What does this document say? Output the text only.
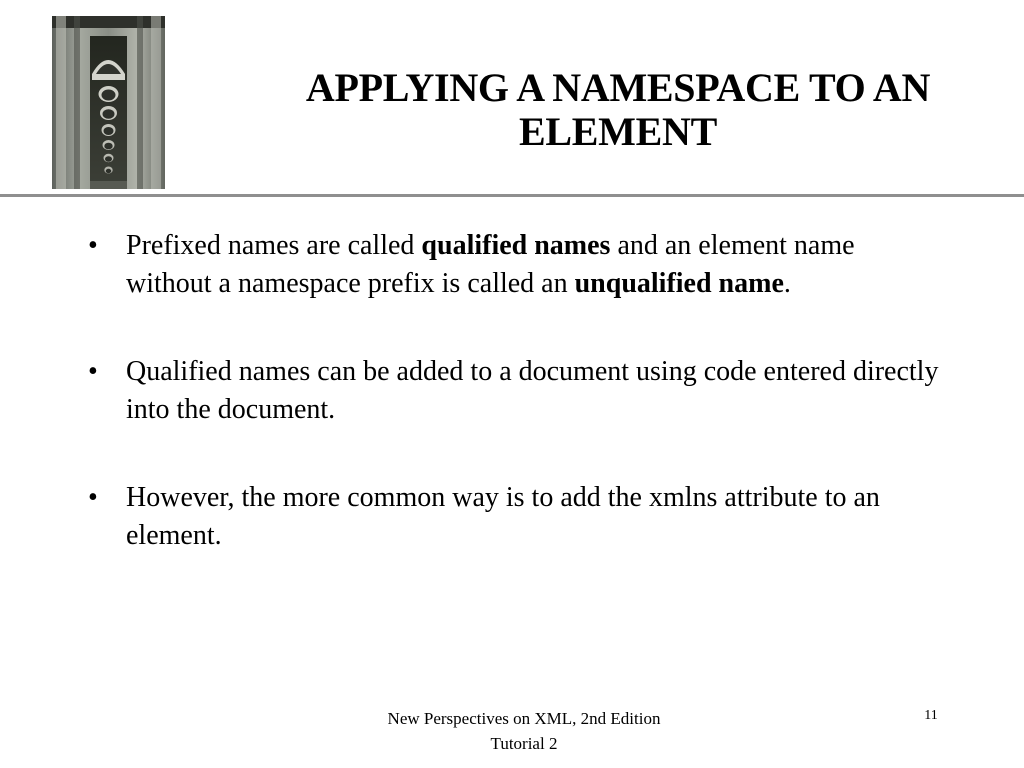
APPLYING A NAMESPACE TO AN
ELEMENT
• Prefixed names are called qualified names and an element name without a namespace prefix is called an unqualified name.
• Qualified names can be added to a document using code entered directly into the document.
• However, the more common way is to add the xmlns attribute to an element.
New Perspectives on XML, 2nd Edition
Tutorial 2
11
